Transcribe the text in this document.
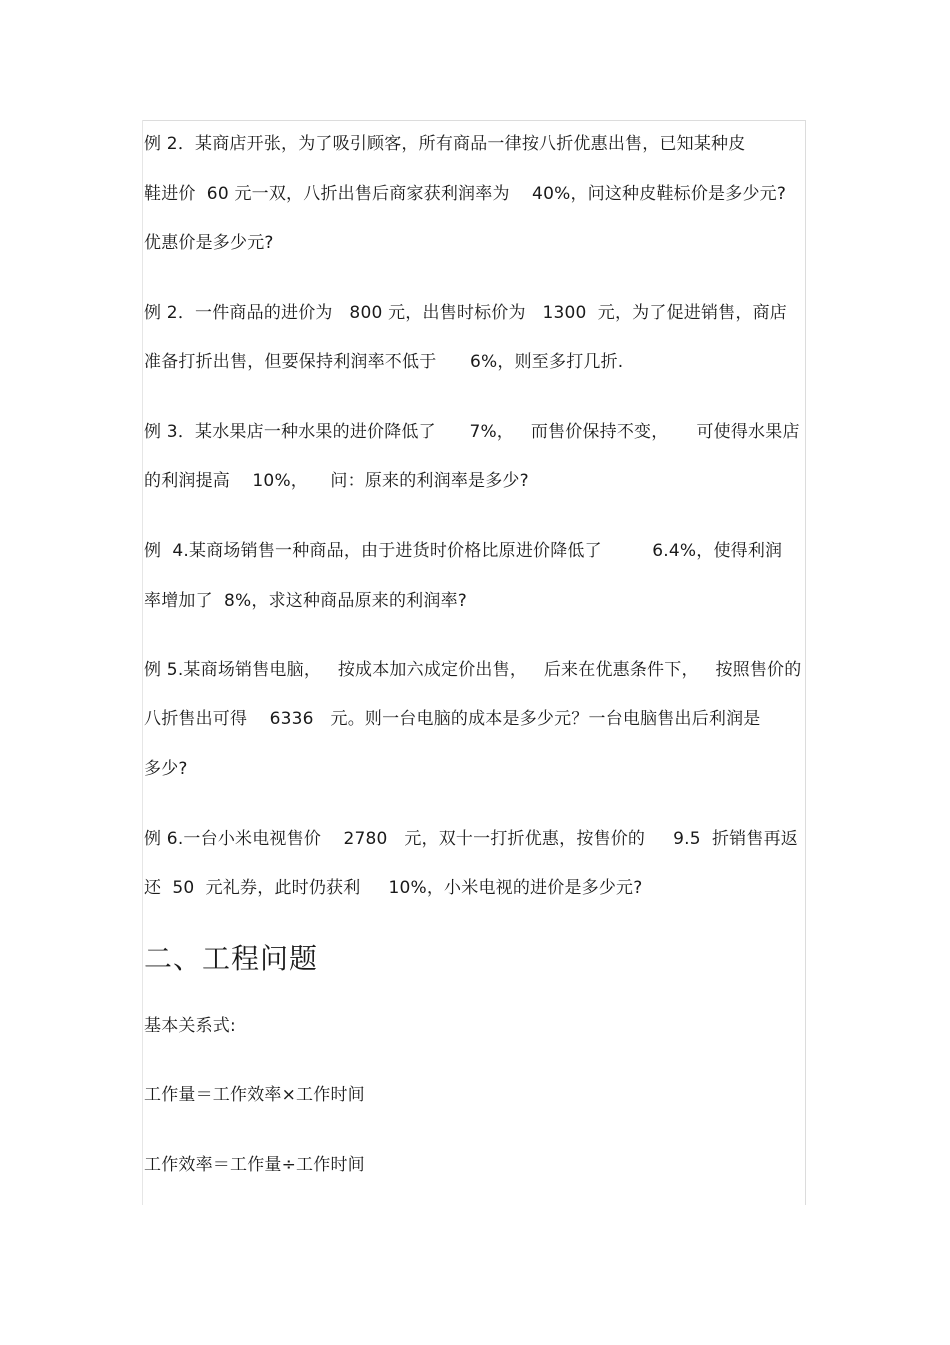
例 2．某商店开张，为了吸引顾客，所有商品一律按八折优惠出售，已知某种皮
鞋进价  60 元一双，八折出售后商家获利润率为    40%，问这种皮鞋标价是多少元?
优惠价是多少元?
例 2．一件商品的进价为   800 元，出售时标价为   1300  元，为了促进销售，商店
准备打折出售，但要保持利润率不低于      6%，则至多打几折.
例 3．某水果店一种水果的进价降低了      7%，   而售价保持不变，     可使得水果店
的利润提高    10%，    问：原来的利润率是多少?
例  4.某商场销售一种商品，由于进货时价格比原进价降低了         6.4%，使得利润
率增加了  8%，求这种商品原来的利润率?
例 5.某商场销售电脑，   按成本加六成定价出售，   后来在优惠条件下，   按照售价的
八折售出可得    6336   元。则一台电脑的成本是多少元？一台电脑售出后利润是
多少?
例 6.一台小米电视售价    2780   元，双十一打折优惠，按售价的     9.5  折销售再返
还  50  元礼券，此时仍获利     10%，小米电视的进价是多少元?
二、工程问题
基本关系式:
工作量＝工作效率×工作时间
工作效率＝工作量÷工作时间
